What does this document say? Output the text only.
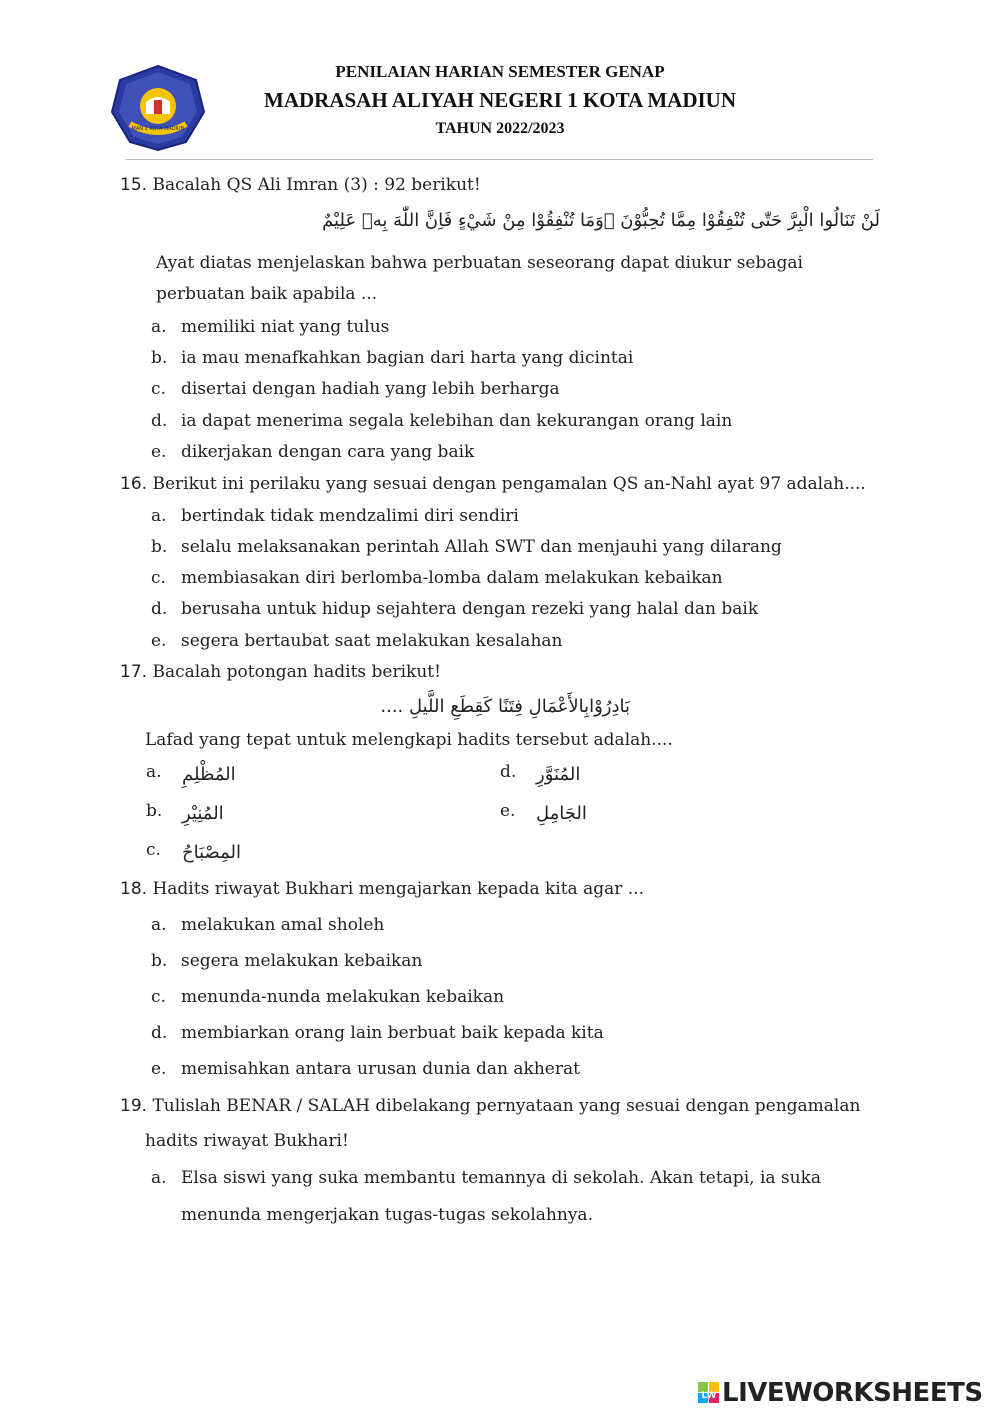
MAN 1 KOTA MADIUN
PENILAIAN HARIAN SEMESTER GENAP
MADRASAH ALIYAH NEGERI 1 KOTA MADIUN
TAHUN 2022/2023
15. Bacalah QS Ali Imran (3) : 92 berikut!
لَنْ تَنَالُوا الْبِرَّ حَتّٰى تُنْفِقُوْا مِمَّا تُحِبُّوْنَ ۗوَمَا تُنْفِقُوْا مِنْ شَيْءٍ فَاِنَّ اللّٰهَ بِهٖ عَلِيْمٌ
Ayat diatas menjelaskan bahwa perbuatan seseorang dapat diukur sebagai
perbuatan baik apabila ...
a. memiliki niat yang tulus
b. ia mau menafkahkan bagian dari harta yang dicintai
c. disertai dengan hadiah yang lebih berharga
d. ia dapat menerima segala kelebihan dan kekurangan orang lain
e. dikerjakan dengan cara yang baik
16. Berikut ini perilaku yang sesuai dengan pengamalan QS an-Nahl ayat 97 adalah....
a. bertindak tidak mendzalimi diri sendiri
b. selalu melaksanakan perintah Allah SWT dan menjauhi yang dilarang
c. membiasakan diri berlomba-lomba dalam melakukan kebaikan
d. berusaha untuk hidup sejahtera dengan rezeki yang halal dan baik
e. segera bertaubat saat melakukan kesalahan
17. Bacalah potongan hadits berikut!
بَادِرُوْابِالأَعْمَالِ فِتَنًا كَقِطَعِ اللَّيلِ ....
Lafad yang tepat untuk melengkapi hadits tersebut adalah....
a. المُظْلِمِ
b. المُنِيْرِ
c. المِصْبَاحُ
d. المُنَوَّرِ
e. الجَامِلِ
18. Hadits riwayat Bukhari mengajarkan kepada kita agar ...
a. melakukan amal sholeh
b. segera melakukan kebaikan
c. menunda-nunda melakukan kebaikan
d. membiarkan orang lain berbuat baik kepada kita
e. memisahkan antara urusan dunia dan akherat
19. Tulislah BENAR / SALAH dibelakang pernyataan yang sesuai dengan pengamalan
hadits riwayat Bukhari!
a. Elsa siswi yang suka membantu temannya di sekolah. Akan tetapi, ia suka
menunda mengerjakan tugas-tugas sekolahnya.
LW LIVEWORKSHEETS
